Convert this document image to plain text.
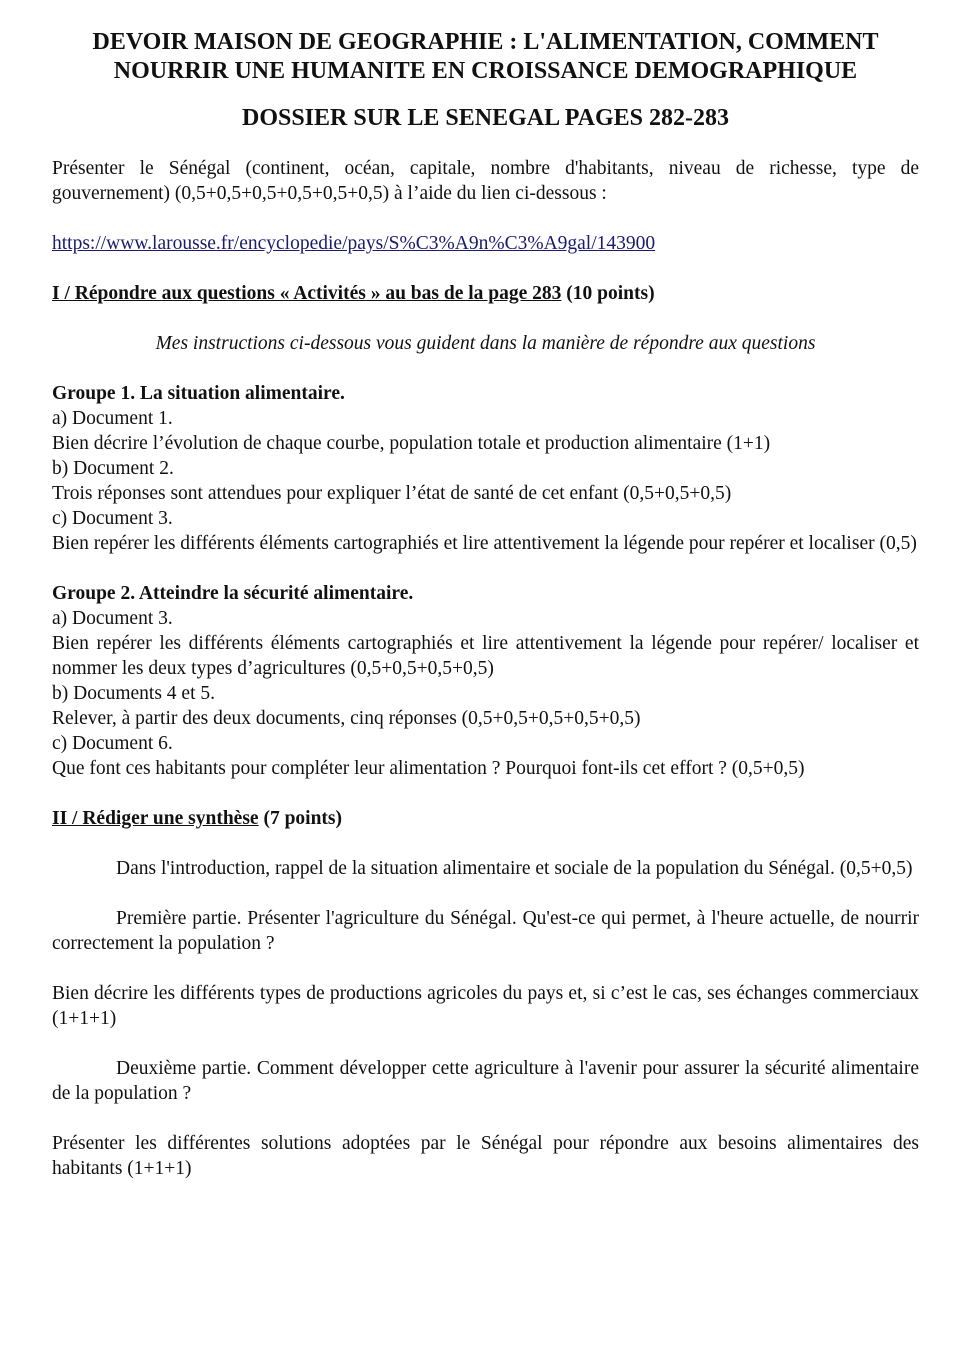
DEVOIR MAISON DE GEOGRAPHIE : L'ALIMENTATION, COMMENT

NOURRIR UNE HUMANITE EN CROISSANCE DEMOGRAPHIQUE

DOSSIER SUR LE SENEGAL PAGES 282-283

Présenter le Sénégal (continent, océan, capitale, nombre d'habitants, niveau de richesse, type de gouvernement) (0,5+0,5+0,5+0,5+0,5+0,5) à l’aide du lien ci-dessous :

https://www.larousse.fr/encyclopedie/pays/S%C3%A9n%C3%A9gal/143900

I / Répondre aux questions « Activités » au bas de la page 283 (10 points)

Mes instructions ci-dessous vous guident dans la manière de répondre aux questions

Groupe 1. La situation alimentaire.

a) Document 1.

Bien décrire l’évolution de chaque courbe, population totale et production alimentaire (1+1)

b) Document 2.

Trois réponses sont attendues pour expliquer l’état de santé de cet enfant (0,5+0,5+0,5)

c) Document 3.

Bien repérer les différents éléments cartographiés et lire attentivement la légende pour repérer et localiser (0,5)

Groupe 2. Atteindre la sécurité alimentaire.

a) Document 3.

Bien repérer les différents éléments cartographiés et lire attentivement la légende pour repérer/ localiser et nommer les deux types d’agricultures (0,5+0,5+0,5+0,5)

b) Documents 4 et 5.

Relever, à partir des deux documents, cinq réponses (0,5+0,5+0,5+0,5+0,5)

c) Document 6.

Que font ces habitants pour compléter leur alimentation ? Pourquoi font-ils cet effort ? (0,5+0,5)

II / Rédiger une synthèse (7 points)

Dans l'introduction, rappel de la situation alimentaire et sociale de la population du Sénégal. (0,5+0,5)

Première partie. Présenter l'agriculture du Sénégal. Qu'est-ce qui permet, à l'heure actuelle, de nourrir correctement la population ?

Bien décrire les différents types de productions agricoles du pays et, si c’est le cas, ses échanges commerciaux (1+1+1)

Deuxième partie. Comment développer cette agriculture à l'avenir pour assurer la sécurité alimentaire de la population ?

Présenter les différentes solutions adoptées par le Sénégal pour répondre aux besoins alimentaires des habitants (1+1+1)
